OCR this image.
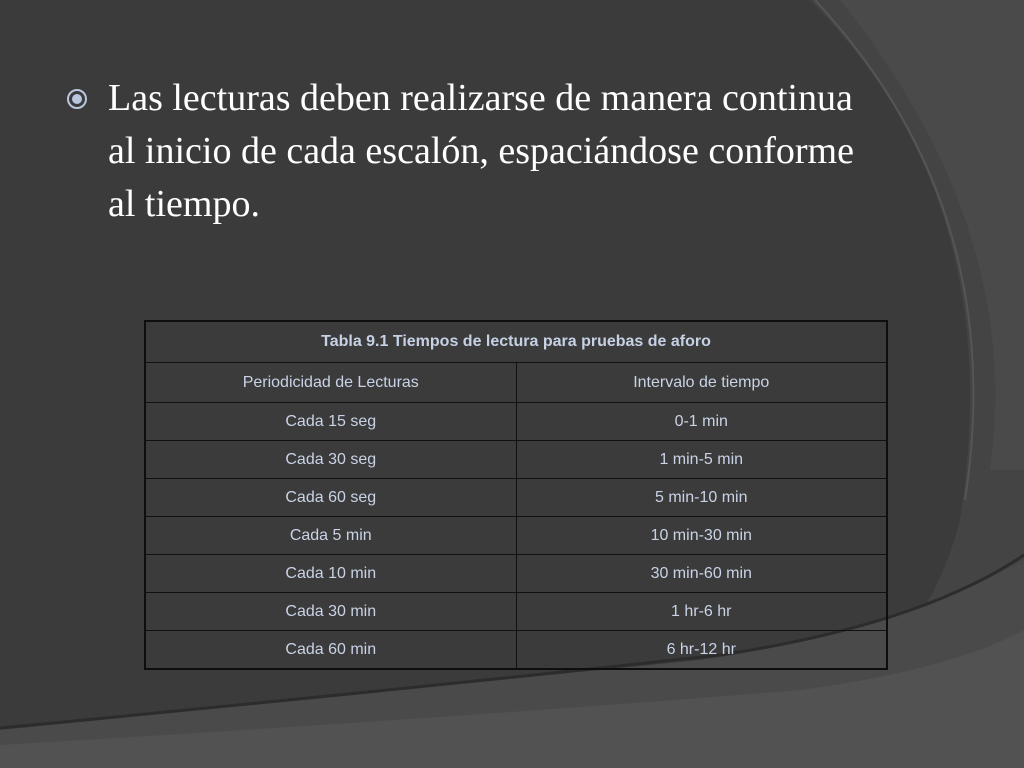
Las lecturas deben realizarse de manera continua
al inicio de cada escalón, espaciándose conforme
al tiempo.
Tabla 9.1 Tiempos de lectura para pruebas de aforo	
Periodicidad de Lecturas	Intervalo de tiempo
Cada 15 seg	0-1 min
Cada 30 seg	1 min-5 min
Cada 60 seg	5 min-10 min
Cada 5 min	10 min-30 min
Cada 10 min	30 min-60 min
Cada 30 min	1 hr-6 hr
Cada 60 min	6 hr-12 hr
